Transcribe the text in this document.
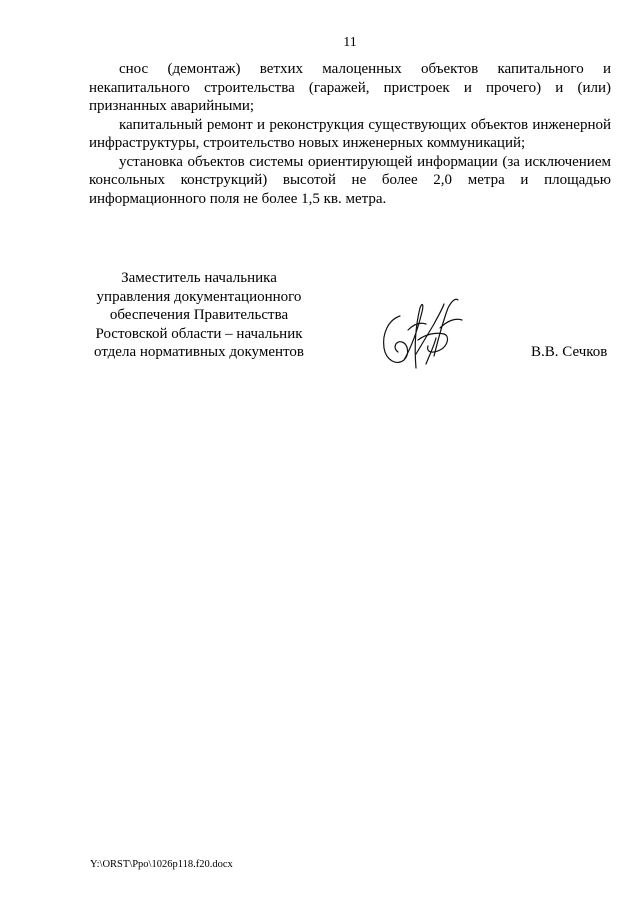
11

снос (демонтаж) ветхих малоценных объектов капитального и некапитального строительства (гаражей, пристроек и прочего) и (или) признанных аварийными;

капитальный ремонт и реконструкция существующих объектов инженерной инфраструктуры, строительство новых инженерных коммуникаций;

установка объектов системы ориентирующей информации (за исключением консольных конструкций) высотой не более 2,0 метра и площадью информационного поля не более 1,5 кв. метра.

Заместитель начальника
управления документационного
обеспечения Правительства
Ростовской области – начальник
отдела нормативных документов	В.В. Сечков
Y:\ORST\Ppo\1026p118.f20.docx
